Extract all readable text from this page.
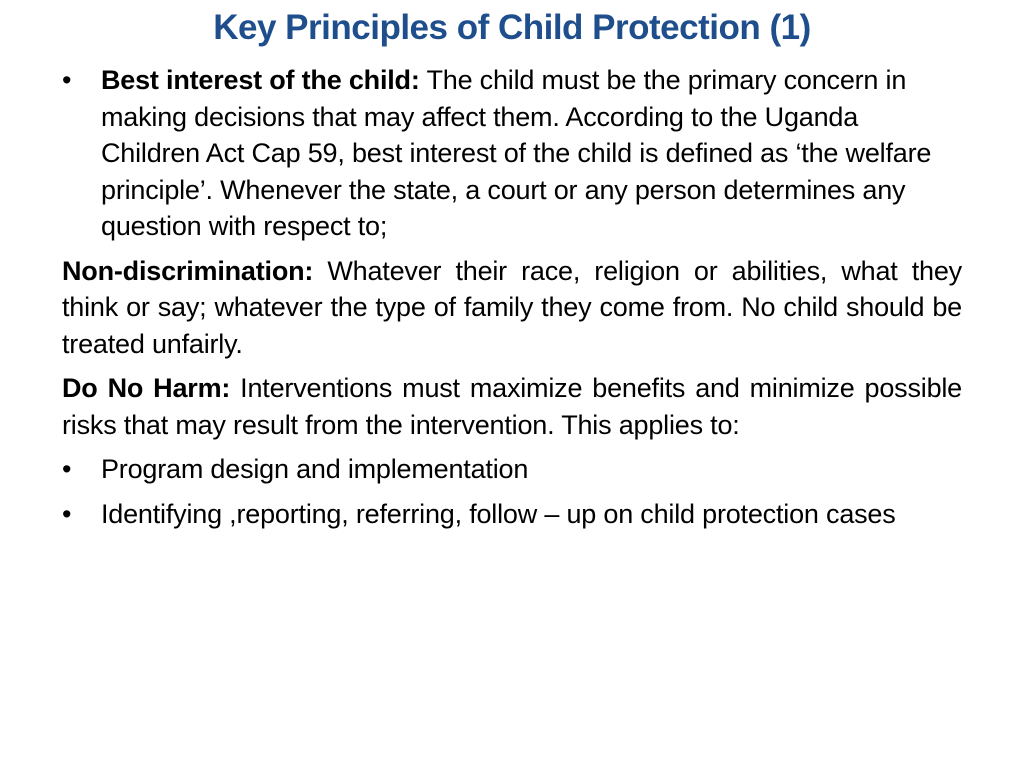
Key Principles of Child Protection (1)
•	Best interest of the child: The child must be the primary concern in making decisions that may affect them. According to the Uganda Children Act Cap 59, best interest of the child is defined as ‘the welfare principle’. Whenever the state, a court or any person determines any question with respect to;

Non-discrimination: Whatever their race, religion or abilities, what they think or say; whatever the type of family they come from. No child should be treated unfairly.

Do No Harm: Interventions must maximize benefits and minimize possible risks that may result from the intervention. This applies to:

•	Program design and implementation

• Identifying ,reporting, referring, follow – up on child protection cases
